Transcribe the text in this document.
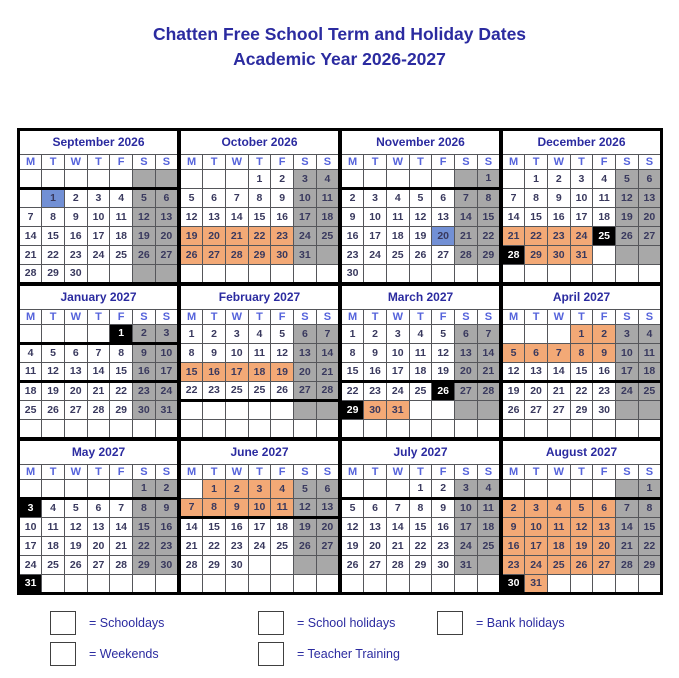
Chatten Free School Term and Holiday Dates
Academic Year 2026-2027
September 2026						
M	T	W	T	F	S	S

	1	2	3	4	5	6
7	8	9	10	11	12	13
14	15	16	17	18	19	20
21	22	23	24	25	26	27
28	29	30				
October 2026						
M	T	W	T	F	S	S
			1	2	3	4
5	6	7	8	9	10	11
12	13	14	15	16	17	18
19	20	21	22	23	24	25
26	27	28	29	30	31	

November 2026						
M	T	W	T	F	S	S
						1
2	3	4	5	6	7	8
9	10	11	12	13	14	15
16	17	18	19	20	21	22
23	24	25	26	27	28	29
30						
December 2026						
M	T	W	T	F	S	S
	1	2	3	4	5	6
7	8	9	10	11	12	13
14	15	16	17	18	19	20
21	22	23	24	25	26	27
28	29	30	31			

January 2027						
M	T	W	T	F	S	S
				1	2	3
4	5	6	7	8	9	10
11	12	13	14	15	16	17
18	19	20	21	22	23	24
25	26	27	28	29	30	31

February 2027						
M	T	W	T	F	S	S
1	2	3	4	5	6	7
8	9	10	11	12	13	14
15	16	17	18	19	20	21
22	23	25	25	26	27	28

March 2027						
M	T	W	T	F	S	S
1	2	3	4	5	6	7
8	9	10	11	12	13	14
15	16	17	18	19	20	21
22	23	24	25	26	27	28
29	30	31				

April 2027						
M	T	W	T	F	S	S
			1	2	3	4
5	6	7	8	9	10	11
12	13	14	15	16	17	18
19	20	21	22	23	24	25
26	27	27	29	30		

May 2027						
M	T	W	T	F	S	S
					1	2
3	4	5	6	7	8	9
10	11	12	13	14	15	16
17	18	19	20	21	22	23
24	25	26	27	28	29	30
31						
June 2027						
M	T	W	T	F	S	S
	1	2	3	4	5	6
7	8	9	10	11	12	13
14	15	16	17	18	19	20
21	22	23	24	25	26	27
28	29	30				

July 2027						
M	T	W	T	F	S	S
			1	2	3	4
5	6	7	8	9	10	11
12	13	14	15	16	17	18
19	20	21	22	23	24	25
26	27	28	29	30	31	

August 2027						
M	T	W	T	F	S	S
						1
2	3	4	5	6	7	8
9	10	11	12	13	14	15
16	17	18	19	20	21	22
23	24	25	26	27	28	29
30	31					
= Schooldays	= School holidays	= Bank holidays
= Weekends	= Teacher Training
